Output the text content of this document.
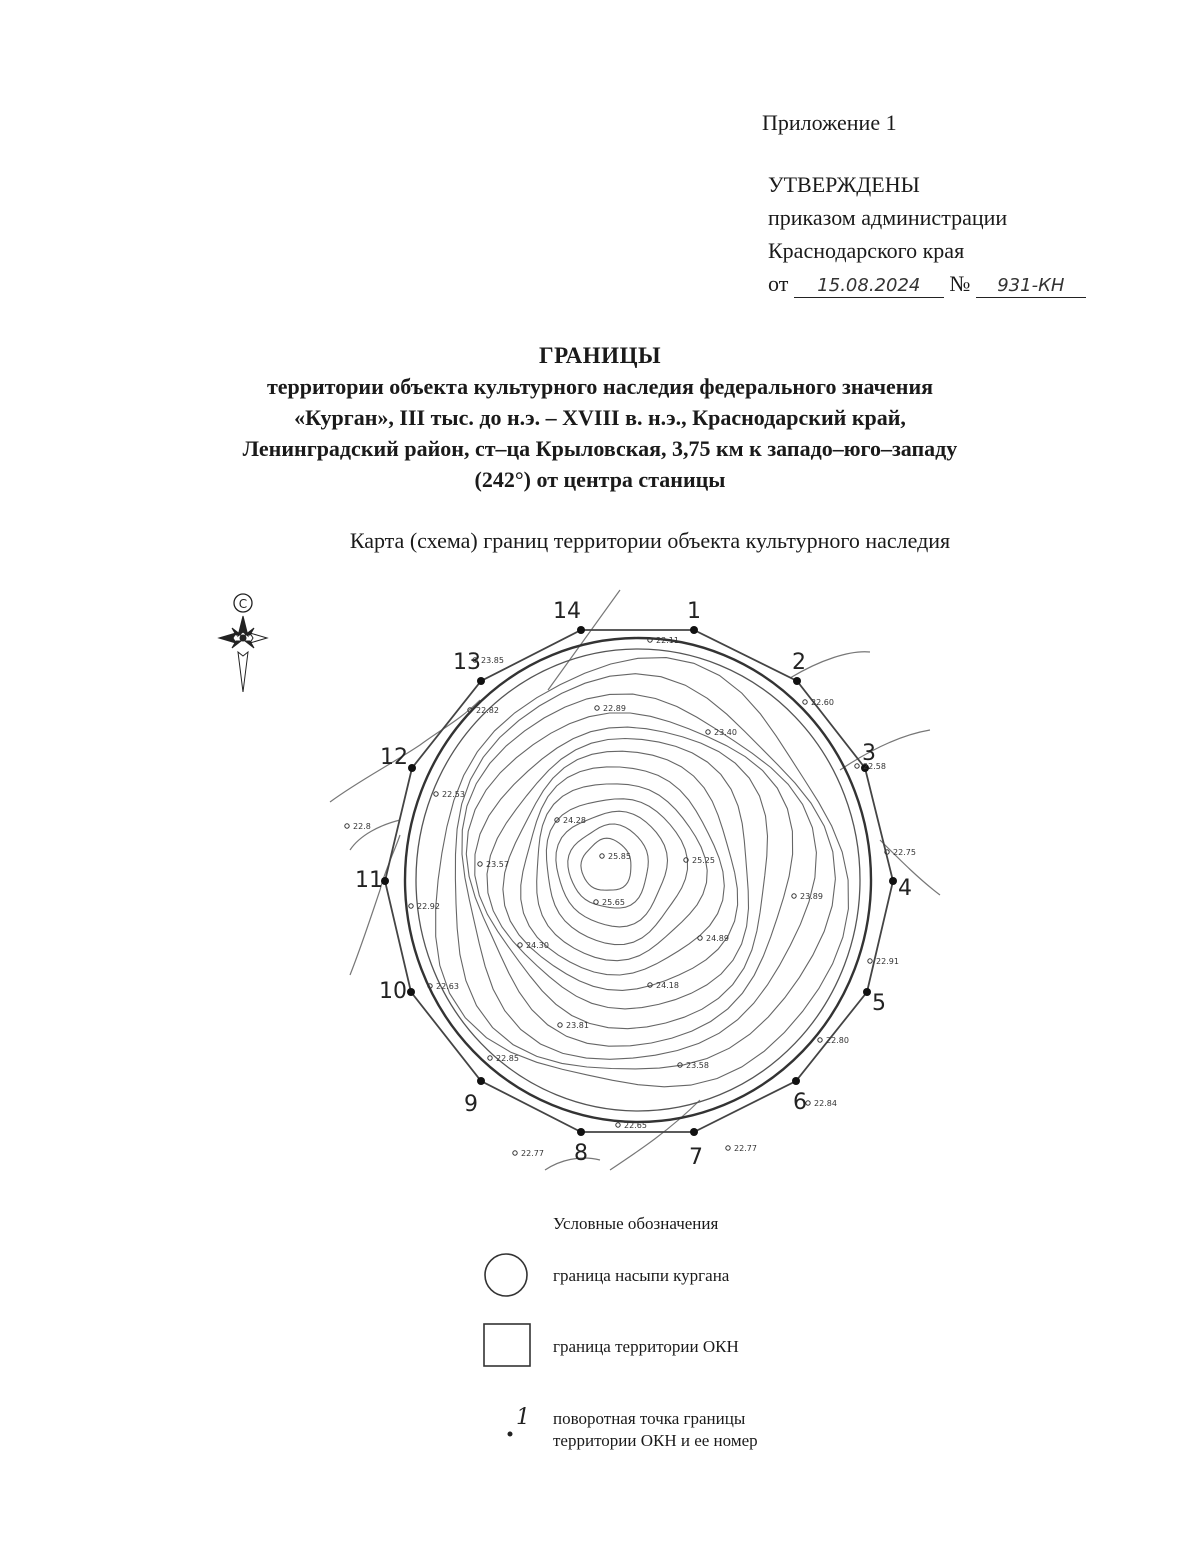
Приложение 1
УТВЕРЖДЕНЫ
приказом администрации
Краснодарского края
от 15.08.2024 № 931-КН
ГРАНИЦЫ
территории объекта культурного наследия федерального значения
«Курган», III тыс. до н.э. – XVIII в. н.э., Краснодарский край,
Ленинградский район, ст–ца Крыловская, 3,75 км к западо–юго–западу
(242°) от центра станицы
Карта (схема) границ территории объекта культурного наследия
C	1
2
3
4
5
6
7
8
9
10
11
12
13
14
22.11
22.60
22.58
22.75
22.91
22.80
22.84
22.77
22.65
22.77
22.85
22.63
22.92
22.53
22.82
23.40
23.57
23.89
24.30
24.89
25.25
25.65
25.85
24.28
24.18
23.81
23.58
23.85
22.89
22.8
Условные обозначения
1
граница насыпи кургана
граница территории ОКН
поворотная точка границы
территории ОКН и ее номер
